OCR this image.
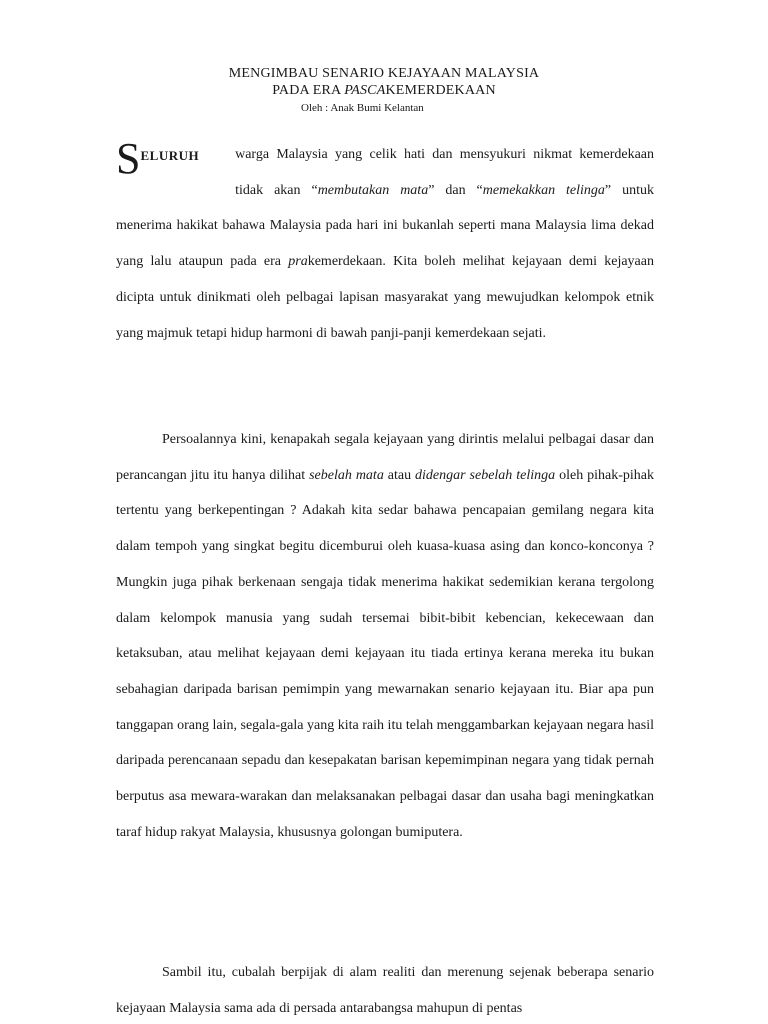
MENGIMBAU SENARIO KEJAYAAN MALAYSIA
PADA ERA PASCAKEMERDEKAAN

Oleh : Anak Bumi Kelantan

S ELURUH	warga Malaysia yang celik hati dan mensyukuri nikmat kemerdekaan tidak akan “membutakan mata” dan “memekakkan telinga” untuk menerima hakikat bahawa Malaysia pada hari ini bukanlah seperti mana Malaysia lima dekad yang lalu ataupun pada era prakemerdekaan. Kita boleh melihat kejayaan demi kejayaan dicipta untuk dinikmati oleh pelbagai lapisan masyarakat yang mewujudkan kelompok etnik yang majmuk tetapi hidup harmoni di bawah panji-panji kemerdekaan sejati.

Persoalannya kini, kenapakah segala kejayaan yang dirintis melalui pelbagai dasar dan perancangan jitu itu hanya dilihat sebelah mata atau didengar sebelah telinga oleh pihak-pihak tertentu yang berkepentingan ? Adakah kita sedar bahawa pencapaian gemilang negara kita dalam tempoh yang singkat begitu dicemburui oleh kuasa-kuasa asing dan konco-konconya ? Mungkin juga pihak berkenaan sengaja tidak menerima hakikat sedemikian kerana tergolong dalam kelompok manusia yang sudah tersemai bibit-bibit kebencian, kekecewaan dan ketaksuban, atau melihat kejayaan demi kejayaan itu tiada ertinya kerana mereka itu bukan sebahagian daripada barisan pemimpin yang mewarnakan senario kejayaan itu. Biar apa pun tanggapan orang lain, segala-gala yang kita raih itu telah menggambarkan kejayaan negara hasil daripada perencanaan sepadu dan kesepakatan barisan kepemimpinan negara yang tidak pernah berputus asa mewara-warakan dan melaksanakan pelbagai dasar dan usaha bagi meningkatkan taraf hidup rakyat Malaysia, khususnya golongan bumiputera.

Sambil itu, cubalah berpijak di alam realiti dan merenung sejenak beberapa senario kejayaan Malaysia sama ada di persada antarabangsa mahupun di pentas
